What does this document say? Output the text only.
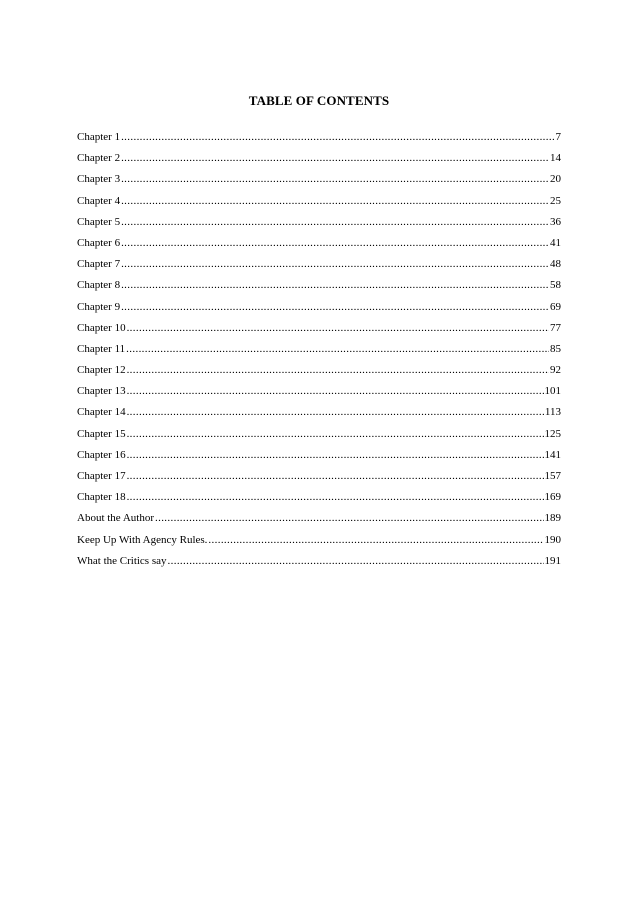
TABLE OF CONTENTS
Chapter 1 .....	7
Chapter 2 .....	14
Chapter 3 .....	20
Chapter 4 .....	25
Chapter 5 .....	36
Chapter 6 .....	41
Chapter 7 .....	48
Chapter 8 .....	58
Chapter 9 .....	69
Chapter 10 .....	77
Chapter 11 .....	85
Chapter 12 .....	92
Chapter 13 .....	101
Chapter 14 .....	113
Chapter 15 .....	125
Chapter 16 .....	141
Chapter 17 .....	157
Chapter 18 .....	169
About the Author .....	189
Keep Up With Agency Rules. .....	190
What the Critics say .....	191
